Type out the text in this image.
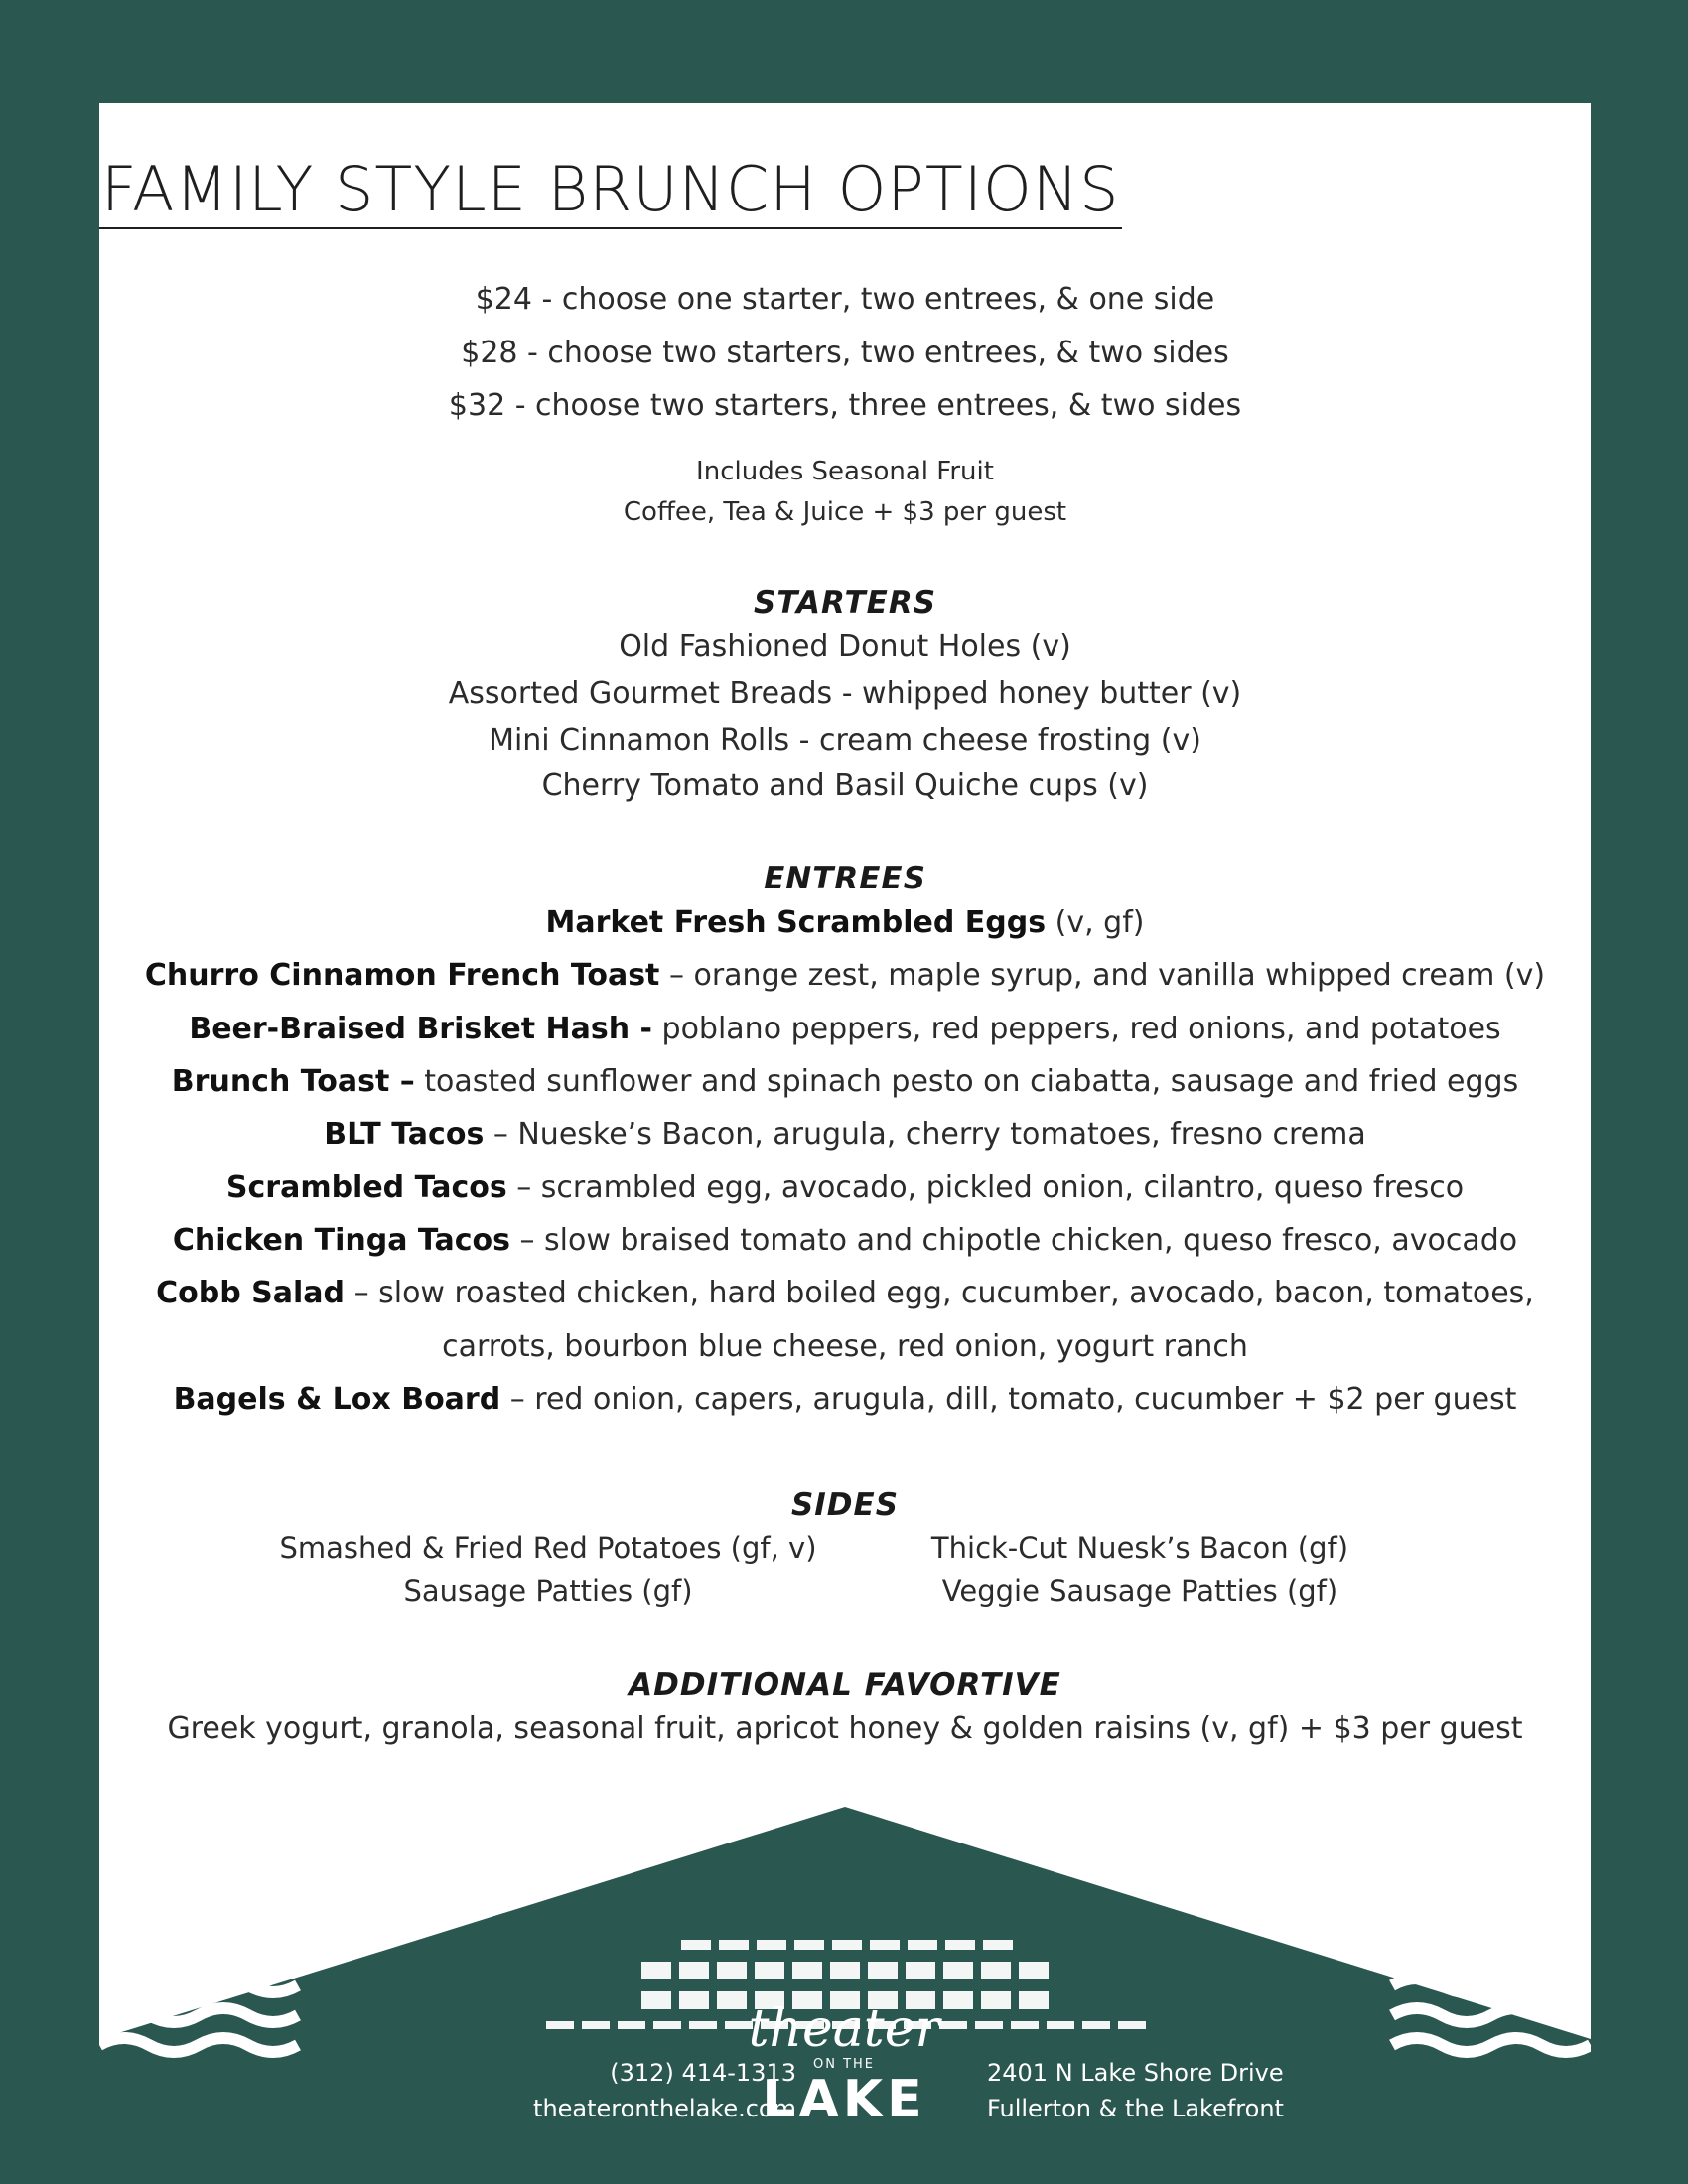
FAMILY STYLE BRUNCH OPTIONS
$24 - choose one starter, two entrees, & one side
$28 - choose two starters, two entrees, & two sides
$32 - choose two starters, three entrees, & two sides
Includes Seasonal Fruit
Coffee, Tea & Juice + $3 per guest
STARTERS
Old Fashioned Donut Holes (v)
Assorted Gourmet Breads - whipped honey butter (v)
Mini Cinnamon Rolls - cream cheese frosting (v)
Cherry Tomato and Basil Quiche cups (v)
ENTREES
Market Fresh Scrambled Eggs (v, gf)
Churro Cinnamon French Toast – orange zest, maple syrup, and vanilla whipped cream (v)
Beer-Braised Brisket Hash - poblano peppers, red peppers, red onions, and potatoes
Brunch Toast – toasted sunflower and spinach pesto on ciabatta, sausage and fried eggs
BLT Tacos – Nueske’s Bacon, arugula, cherry tomatoes, fresno crema
Scrambled Tacos – scrambled egg, avocado, pickled onion, cilantro, queso fresco
Chicken Tinga Tacos – slow braised tomato and chipotle chicken, queso fresco, avocado
Cobb Salad – slow roasted chicken, hard boiled egg, cucumber, avocado, bacon, tomatoes,
carrots, bourbon blue cheese, red onion, yogurt ranch
Bagels & Lox Board – red onion, capers, arugula, dill, tomato, cucumber + $2 per guest
SIDES
Smashed & Fried Red Potatoes (gf, v)
Sausage Patties (gf)
Thick-Cut Nuesk’s Bacon (gf)
Veggie Sausage Patties (gf)
ADDITIONAL FAVORTIVE
Greek yogurt, granola, seasonal fruit, apricot honey & golden raisins (v, gf) + $3 per guest
(312) 414-1313
theateronthelake.com
theater
ON THE
LAKE	2401 N Lake Shore Drive
Fullerton & the Lakefront
